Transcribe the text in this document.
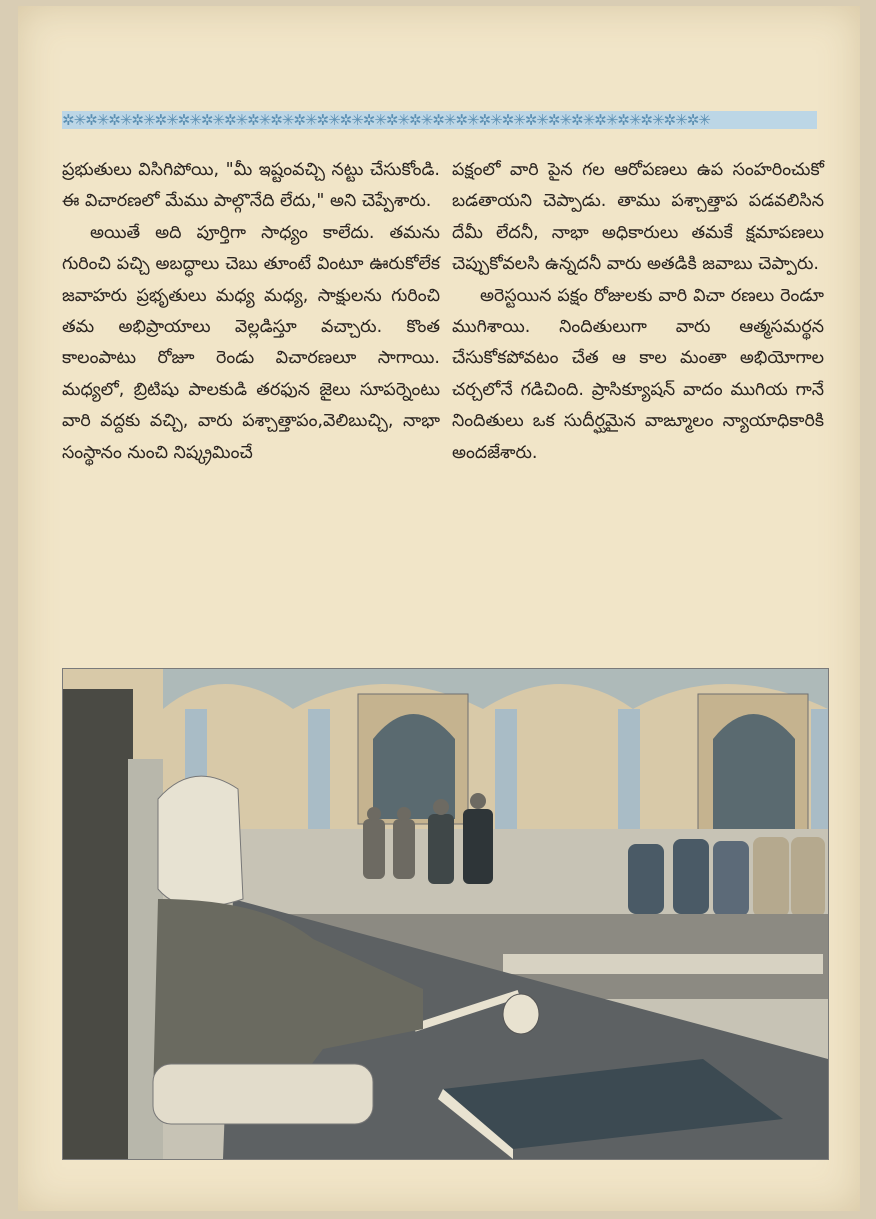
✲✳✲✳✲✳✲✳✲✳✲✳✲✳✲✳✲✳✲✳✲✳✲✳✲✳✲✳✲✳✲✳✲✳✲✳✲✳✲✳✲✳✲✳✲✳✲✳✲✳✲✳✲✳✲✳

ప్రభుతులు విసిగిపోయి, "మీ ఇష్టంవచ్చి నట్టు చేసుకోండి. ఈ విచారణలో మేము పాల్గొనేది లేదు," అని చెప్పేశారు.

అయితే అది పూర్తిగా సాధ్యం కాలేదు. తమను గురించి పచ్చి అబద్ధాలు చెబు తూంటే వింటూ ఊరుకోలేక జవాహరు ప్రభృతులు మధ్య మధ్య, సాక్షులను గురించి తమ అభిప్రాయాలు వెల్లడిస్తూ వచ్చారు. కొంత కాలంపాటు రోజూ రెండు విచారణలూ సాగాయి. మధ్యలో, బ్రిటిషు పాలకుడి తరఫున జైలు సూపర్నెంటు వారి వద్దకు వచ్చి, వారు పశ్చాత్తాపం,వెలిబుచ్చి, నాభా సంస్థానం నుంచి నిష్క్రమించే

పక్షంలో వారి పైన గల ఆరోపణలు ఉప సంహరించుకో బడతాయని చెప్పాడు. తాము పశ్చాత్తాప పడవలిసిన దేమీ లేదనీ, నాభా అధికారులు తమకే క్షమాపణలు చెప్పుకోవలసి ఉన్నదనీ వారు అతడికి జవాబు చెప్పారు.

అరెస్టయిన పక్షం రోజులకు వారి విచా రణలు రెండూ ముగిశాయి. నిందితులుగా వారు ఆత్మసమర్థన చేసుకోకపోవటం చేత ఆ కాల మంతా అభియోగాల చర్చలోనే గడిచింది. ప్రాసిక్యూషన్ వాదం ముగియ గానే నిందితులు ఒక సుదీర్ఘమైన వాఙ్మూలం న్యాయాధికారికి అందజేశారు.
